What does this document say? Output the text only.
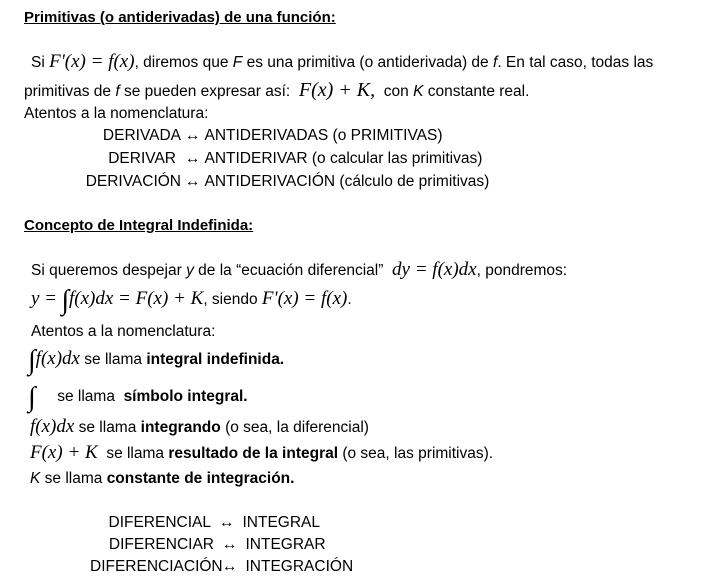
Primitivas (o antiderivadas) de una función:
Si F'(x) = f(x), diremos que F es una primitiva (o antiderivada) de f. En tal caso, todas las
primitivas de f se pueden expresar así: F(x) + K, con K constante real.
Atentos a la nomenclatura:
DERIVADA ↔ ANTIDERIVADAS (o PRIMITIVAS)
DERIVAR ↔ ANTIDERIVAR (o calcular las primitivas)
DERIVACIÓN ↔ ANTIDERIVACIÓN (cálculo de primitivas)
Concepto de Integral Indefinida:
Si queremos despejar y de la “ecuación diferencial” dy = f(x)dx, pondremos:
y = ∫f(x)dx = F(x) + K, siendo F'(x) = f(x).
Atentos a la nomenclatura:
∫f(x)dx se llama integral indefinida.
∫ se llama símbolo integral.
f(x)dx se llama integrando (o sea, la diferencial)
F(x) + K se llama resultado de la integral (o sea, las primitivas).
K se llama constante de integración.
DIFERENCIAL ↔ INTEGRAL
DIFERENCIAR ↔ INTEGRAR
DIFERENCIACIÓN↔ INTEGRACIÓN
